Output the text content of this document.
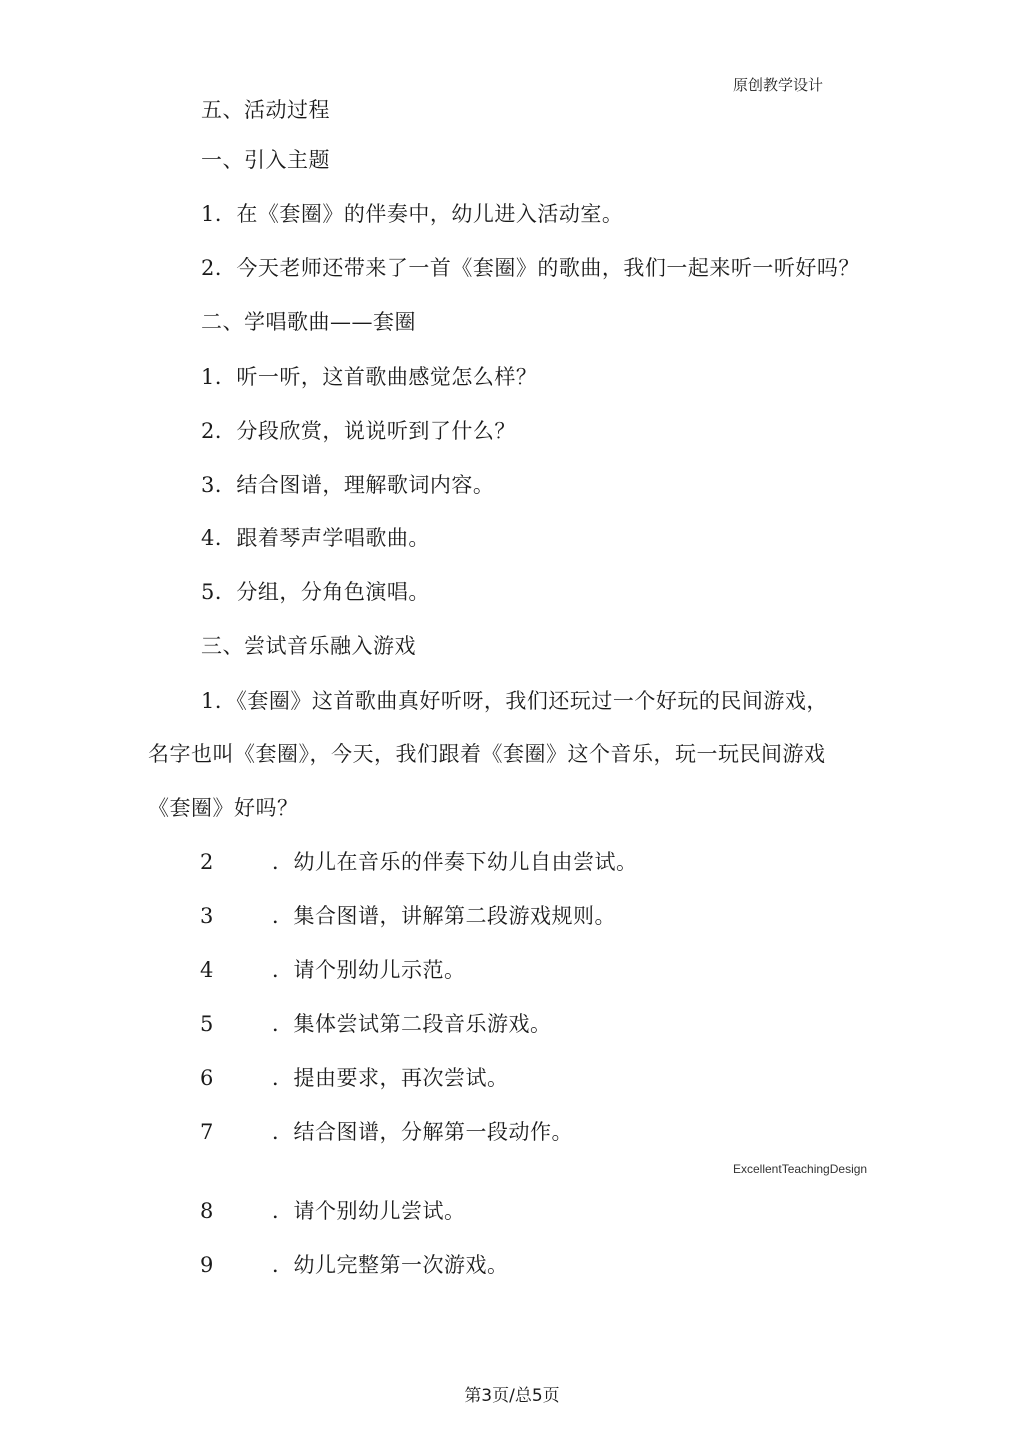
原创教学设计
五、活动过程
一、引入主题
1．在《套圈》的伴奏中，幼儿进入活动室。
2．今天老师还带来了一首《套圈》的歌曲，我们一起来听一听好吗？
二、学唱歌曲——套圈
1．听一听，这首歌曲感觉怎么样？
2．分段欣赏，说说听到了什么？
3．结合图谱，理解歌词内容。
4．跟着琴声学唱歌曲。
5．分组，分角色演唱。
三、尝试音乐融入游戏
1．《套圈》这首歌曲真好听呀，我们还玩过一个好玩的民间游戏，
名字也叫《套圈》，今天，我们跟着《套圈》这个音乐，玩一玩民间游戏
《套圈》好吗？
2	．幼儿在音乐的伴奏下幼儿自由尝试。
3	．集合图谱，讲解第二段游戏规则。
4	．请个别幼儿示范。
5	．集体尝试第二段音乐游戏。
6	．提由要求，再次尝试。
7	．结合图谱，分解第一段动作。
ExcellentTeachingDesign
8	．请个别幼儿尝试。
9	．幼儿完整第一次游戏。
第3页/总5页
